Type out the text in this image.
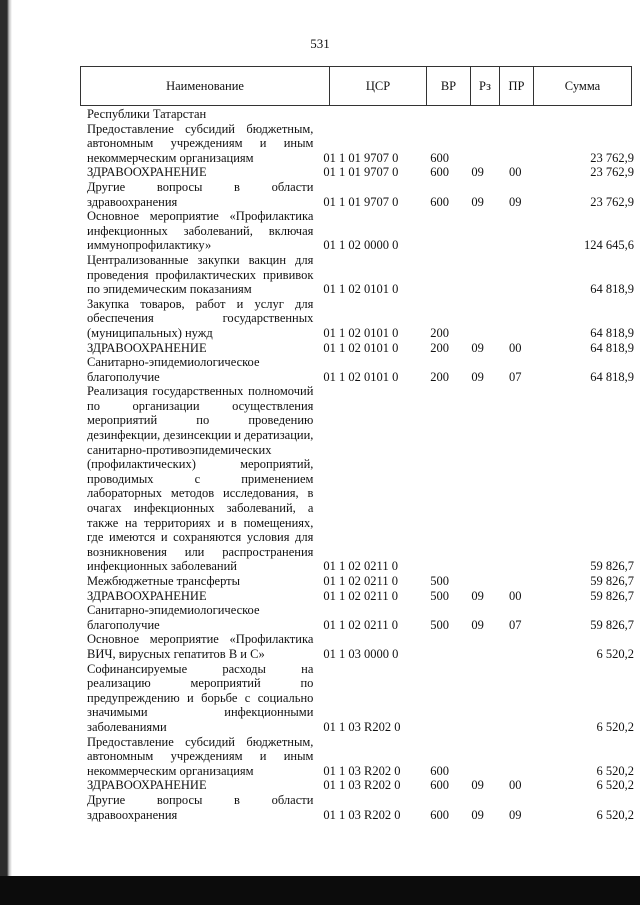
531
Наименование	ЦСР	ВР	Рз	ПР	Сумма
Республики Татарстан					
Предоставление субсидий бюджетным, автономным учреждениям и иным некоммерческим организациям	01 1 01 9707 0	600			23 762,9
ЗДРАВООХРАНЕНИЕ	01 1 01 9707 0	600	09	00	23 762,9
Другие вопросы в области здравоохранения	01 1 01 9707 0	600	09	09	23 762,9
Основное мероприятие «Профилактика инфекционных заболеваний, включая иммунопрофилактику»	01 1 02 0000 0				124 645,6
Централизованные закупки вакцин для проведения профилактических прививок по эпидемическим показаниям	01 1 02 0101 0				64 818,9
Закупка товаров, работ и услуг для обеспечения государственных (муниципальных) нужд	01 1 02 0101 0	200			64 818,9
ЗДРАВООХРАНЕНИЕ	01 1 02 0101 0	200	09	00	64 818,9
Санитарно-эпидемиологическое благополучие	01 1 02 0101 0	200	09	07	64 818,9
Реализация государственных полномочий по организации осуществления мероприятий по проведению дезинфекции, дезинсекции и дератизации, санитарно-противоэпидемических (профилактических) мероприятий, проводимых с применением лабораторных методов исследования, в очагах инфекционных заболеваний, а также на территориях и в помещениях, где имеются и сохраняются условия для возникновения или распространения инфекционных заболеваний	01 1 02 0211 0				59 826,7
Межбюджетные трансферты	01 1 02 0211 0	500			59 826,7
ЗДРАВООХРАНЕНИЕ	01 1 02 0211 0	500	09	00	59 826,7
Санитарно-эпидемиологическое благополучие	01 1 02 0211 0	500	09	07	59 826,7
Основное мероприятие «Профилактика ВИЧ, вирусных гепатитов В и С»	01 1 03 0000 0				6 520,2
Софинансируемые расходы на реализацию мероприятий по предупреждению и борьбе с социально значимыми инфекционными заболеваниями	01 1 03 R202 0				6 520,2
Предоставление субсидий бюджетным, автономным учреждениям и иным некоммерческим организациям	01 1 03 R202 0	600			6 520,2
ЗДРАВООХРАНЕНИЕ	01 1 03 R202 0	600	09	00	6 520,2
Другие вопросы в области здравоохранения	01 1 03 R202 0	600	09	09	6 520,2
